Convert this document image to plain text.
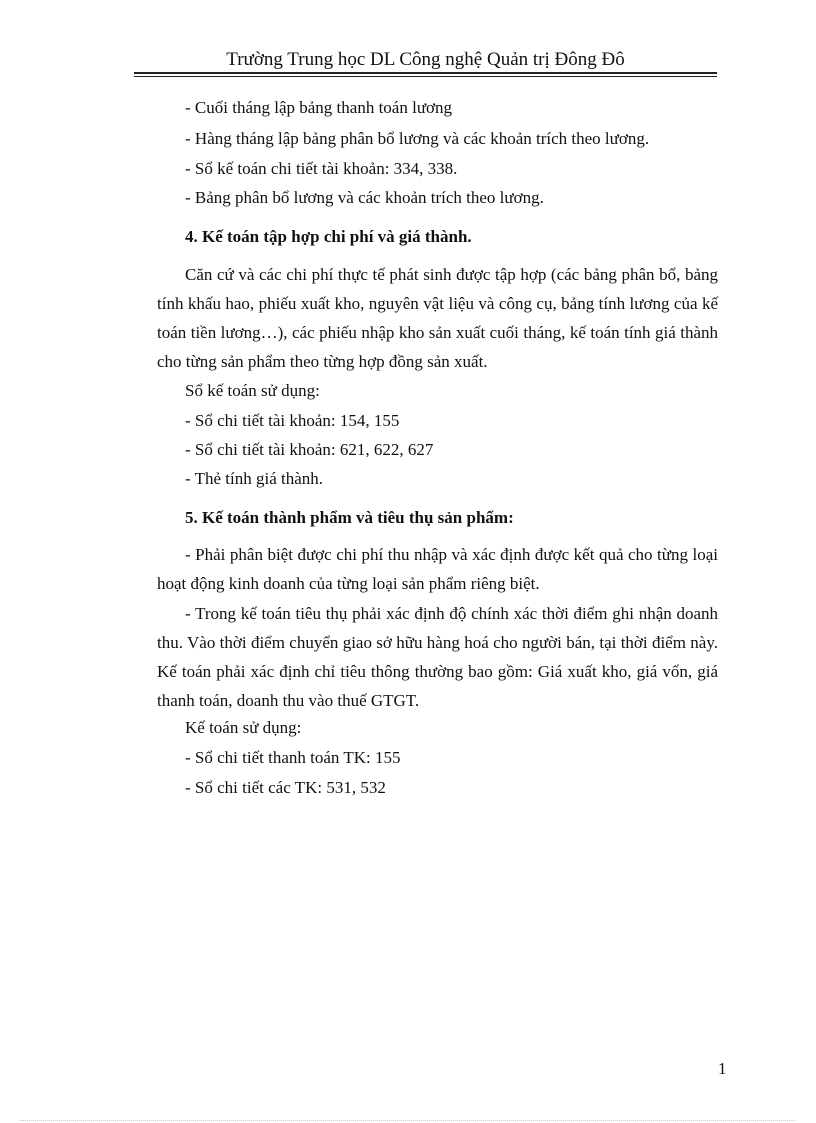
Trường Trung học DL Công nghệ Quản trị Đông Đô
- Cuối tháng lập bảng thanh toán lương
- Hàng tháng lập bảng phân bổ lương và các khoản trích theo lương.
- Sổ kế toán chi tiết tài khoản: 334, 338.
- Bảng phân bổ lương và các khoản trích theo lương.
4. Kế toán tập hợp chi phí và giá thành.
Căn cứ và các chi phí thực tế phát sinh được tập hợp (các bảng phân bổ, bảng tính khấu hao, phiếu xuất kho, nguyên vật liệu và công cụ, bảng tính lương của kế toán tiền lương…), các phiếu nhập kho sản xuất cuối tháng, kế toán tính giá thành cho từng sản phẩm theo từng hợp đồng sản xuất.
Sổ kế toán sử dụng:
- Sổ chi tiết tài khoản: 154, 155
- Sổ chi tiết tài khoản: 621, 622, 627
- Thẻ tính giá thành.
5. Kế toán thành phẩm và tiêu thụ sản phẩm:
- Phải phân biệt được chi phí thu nhập và xác định được kết quả cho từng loại hoạt động kinh doanh của từng loại sản phẩm riêng biệt.
- Trong kế toán tiêu thụ phải xác định độ chính xác thời điểm ghi nhận doanh thu. Vào thời điểm chuyển giao sở hữu hàng hoá cho người bán, tại thời điểm này. Kế toán phải xác định chỉ tiêu thông thường bao gồm: Giá xuất kho, giá vốn, giá thanh toán, doanh thu vào thuế GTGT.
Kế toán sử dụng:
- Sổ chi tiết thanh toán TK: 155
- Sổ chi tiết các TK: 531, 532
1
